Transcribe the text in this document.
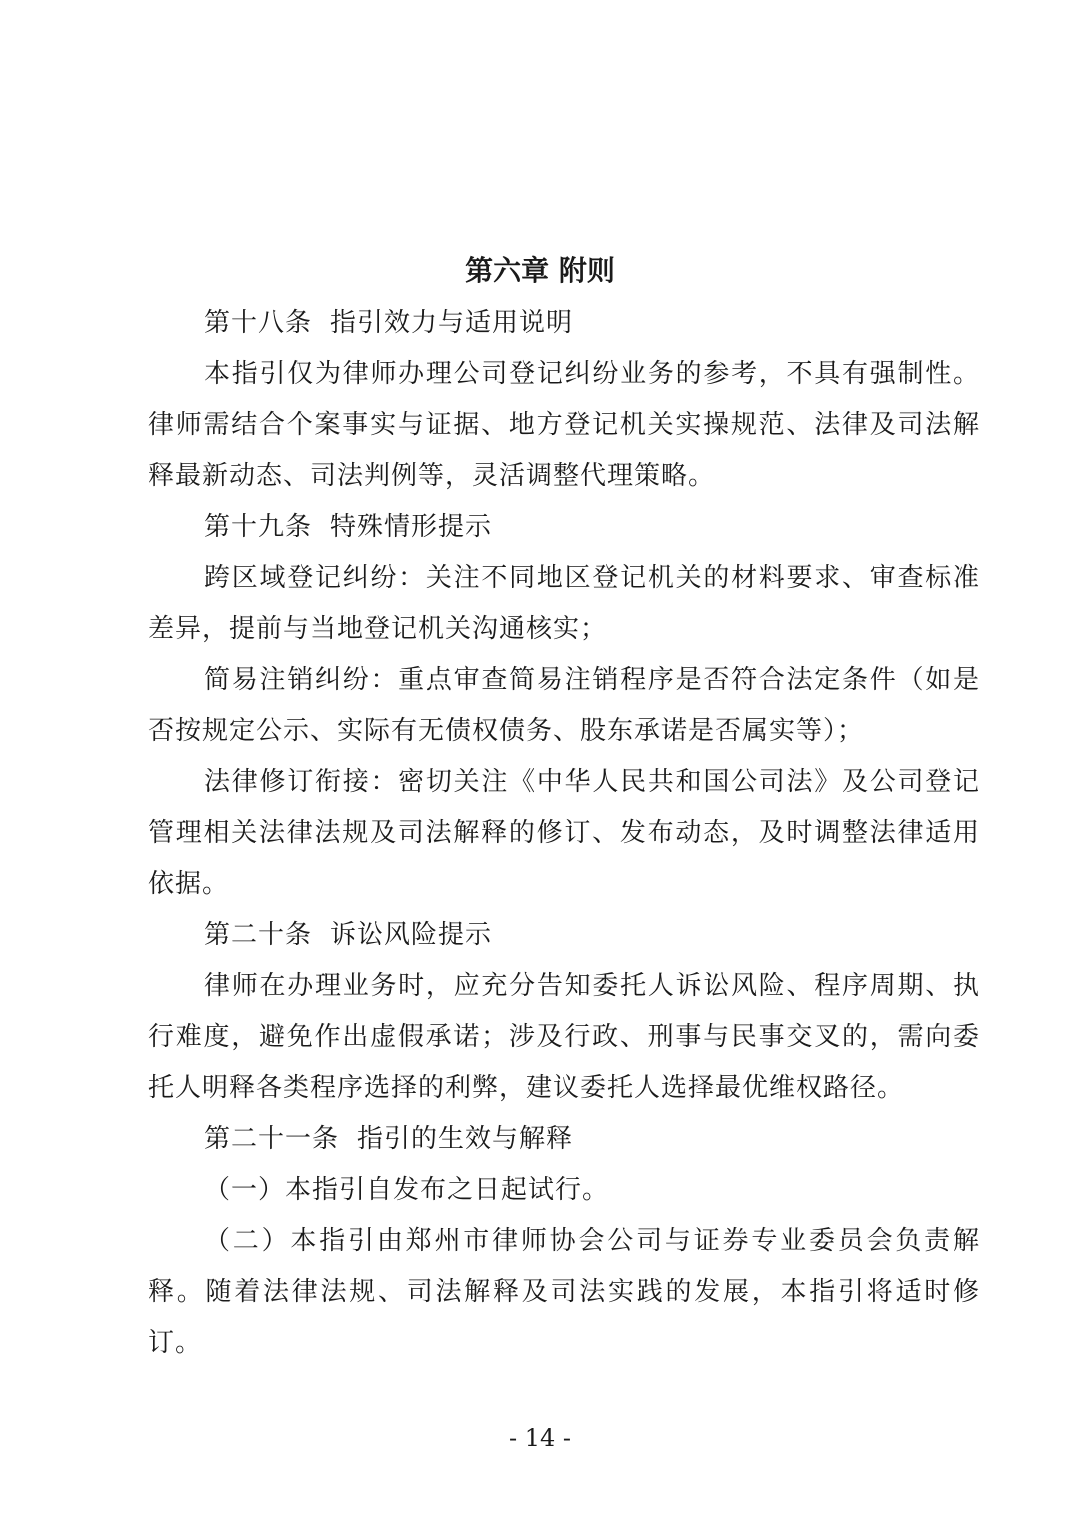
第六章 附则

第十八条 指引效力与适用说明

本指引仅为律师办理公司登记纠纷业务的参考，不具有强制性。律师需结合个案事实与证据、地方登记机关实操规范、法律及司法解释最新动态、司法判例等，灵活调整代理策略。

第十九条 特殊情形提示

跨区域登记纠纷：关注不同地区登记机关的材料要求、审查标准差异，提前与当地登记机关沟通核实；

简易注销纠纷：重点审查简易注销程序是否符合法定条件（如是否按规定公示、实际有无债权债务、股东承诺是否属实等）；

法律修订衔接：密切关注《中华人民共和国公司法》及公司登记管理相关法律法规及司法解释的修订、发布动态，及时调整法律适用依据。

第二十条 诉讼风险提示

律师在办理业务时，应充分告知委托人诉讼风险、程序周期、执行难度，避免作出虚假承诺；涉及行政、刑事与民事交叉的，需向委托人明释各类程序选择的利弊，建议委托人选择最优维权路径。

第二十一条 指引的生效与解释

（一）本指引自发布之日起试行。

（二）本指引由郑州市律师协会公司与证券专业委员会负责解释。随着法律法规、司法解释及司法实践的发展，本指引将适时修订。

- 14 -
